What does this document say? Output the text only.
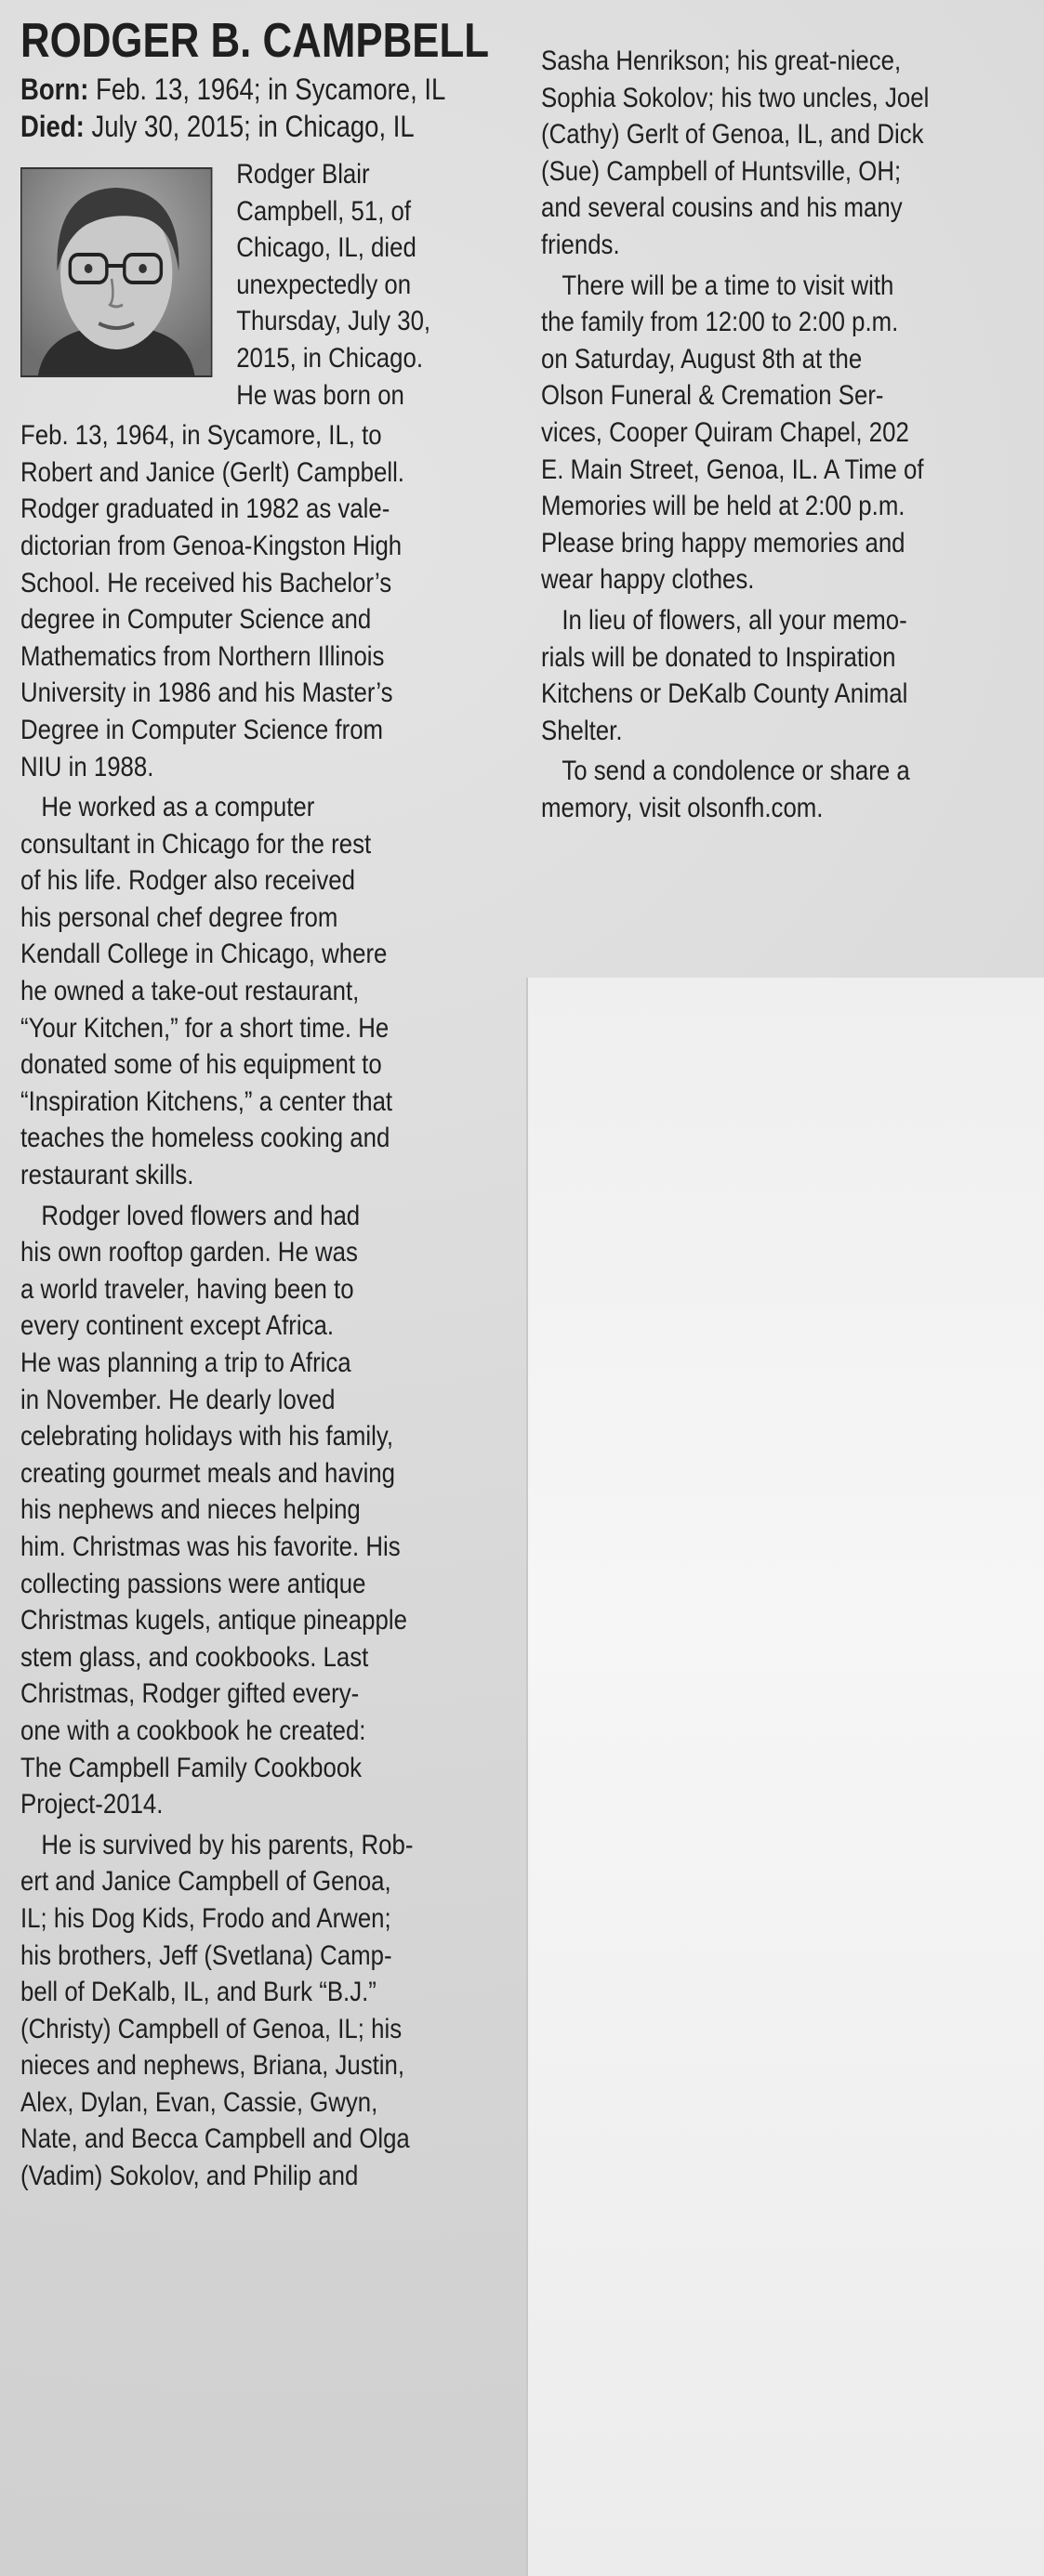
RODGER B. CAMPBELL
Born: Feb. 13, 1964; in Sycamore, IL
Died: July 30, 2015; in Chicago, IL
Rodger Blair
Campbell, 51, of
Chicago, IL, died
unexpectedly on
Thursday, July 30,
2015, in Chicago.
He was born on
Feb. 13, 1964, in Sycamore, IL, to
Robert and Janice (Gerlt) Campbell.
Rodger graduated in 1982 as vale-
dictorian from Genoa-Kingston High
School. He received his Bachelor’s
degree in Computer Science and
Mathematics from Northern Illinois
University in 1986 and his Master’s
Degree in Computer Science from
NIU in 1988.
He worked as a computer
consultant in Chicago for the rest
of his life. Rodger also received
his personal chef degree from
Kendall College in Chicago, where
he owned a take-out restaurant,
“Your Kitchen,” for a short time. He
donated some of his equipment to
“Inspiration Kitchens,” a center that
teaches the homeless cooking and
restaurant skills.
Rodger loved flowers and had
his own rooftop garden. He was
a world traveler, having been to
every continent except Africa.
He was planning a trip to Africa
in November. He dearly loved
celebrating holidays with his family,
creating gourmet meals and having
his nephews and nieces helping
him. Christmas was his favorite. His
collecting passions were antique
Christmas kugels, antique pineapple
stem glass, and cookbooks. Last
Christmas, Rodger gifted every-
one with a cookbook he created:
The Campbell Family Cookbook
Project-2014.
He is survived by his parents, Rob-
ert and Janice Campbell of Genoa,
IL; his Dog Kids, Frodo and Arwen;
his brothers, Jeff (Svetlana) Camp-
bell of DeKalb, IL, and Burk “B.J.”
(Christy) Campbell of Genoa, IL; his
nieces and nephews, Briana, Justin,
Alex, Dylan, Evan, Cassie, Gwyn,
Nate, and Becca Campbell and Olga
(Vadim) Sokolov, and Philip and
Sasha Henrikson; his great-niece,
Sophia Sokolov; his two uncles, Joel
(Cathy) Gerlt of Genoa, IL, and Dick
(Sue) Campbell of Huntsville, OH;
and several cousins and his many
friends.
There will be a time to visit with
the family from 12:00 to 2:00 p.m.
on Saturday, August 8th at the
Olson Funeral & Cremation Ser-
vices, Cooper Quiram Chapel, 202
E. Main Street, Genoa, IL. A Time of
Memories will be held at 2:00 p.m.
Please bring happy memories and
wear happy clothes.
In lieu of flowers, all your memo-
rials will be donated to Inspiration
Kitchens or DeKalb County Animal
Shelter.
To send a condolence or share a
memory, visit olsonfh.com.
